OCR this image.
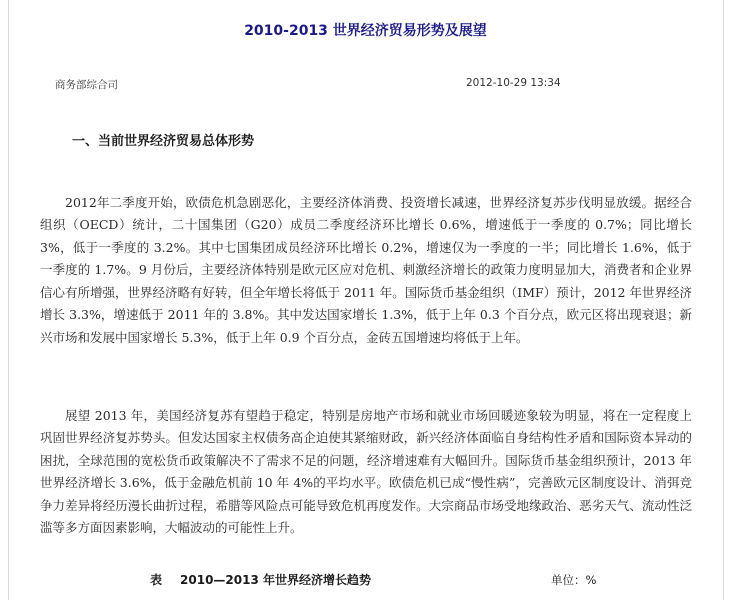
2010-2013 世界经济贸易形势及展望
商务部综合司	2012-10-29 13:34
一、当前世界经济贸易总体形势

2012年二季度开始，欧债危机急剧恶化，主要经济体消费、投资增长减速，世界经济复苏步伐明显放缓。据经合组织（OECD）统计，二十国集团（G20）成员二季度经济环比增长 0.6%，增速低于一季度的 0.7%；同比增长 3%，低于一季度的 3.2%。其中七国集团成员经济环比增长 0.2%，增速仅为一季度的一半；同比增长 1.6%，低于一季度的 1.7%。9 月份后，主要经济体特别是欧元区应对危机、刺激经济增长的政策力度明显加大，消费者和企业界信心有所增强，世界经济略有好转，但全年增长将低于 2011 年。国际货币基金组织（IMF）预计，2012 年世界经济增长 3.3%，增速低于 2011 年的 3.8%。其中发达国家增长 1.3%，低于上年 0.3 个百分点，欧元区将出现衰退；新兴市场和发展中国家增长 5.3%，低于上年 0.9 个百分点，金砖五国增速均将低于上年。

展望 2013 年，美国经济复苏有望趋于稳定，特别是房地产市场和就业市场回暖迹象较为明显，将在一定程度上巩固世界经济复苏势头。但发达国家主权债务高企迫使其紧缩财政，新兴经济体面临自身结构性矛盾和国际资本异动的困扰，全球范围的宽松货币政策解决不了需求不足的问题，经济增速难有大幅回升。国际货币基金组织预计，2013 年世界经济增长 3.6%，低于金融危机前 10 年 4%的平均水平。欧债危机已成“慢性病”，完善欧元区制度设计、消弭竞争力差异将经历漫长曲折过程，希腊等风险点可能导致危机再度发作。大宗商品市场受地缘政治、恶劣天气、流动性泛滥等多方面因素影响，大幅波动的可能性上升。

表 2010—2013 年世界经济增长趋势	单位：%
